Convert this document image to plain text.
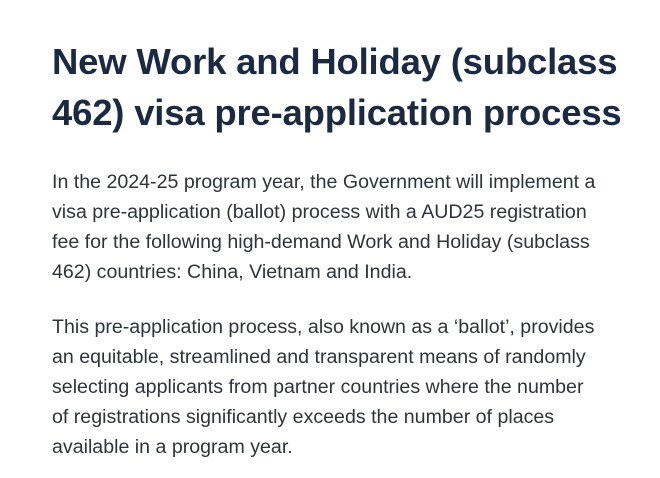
New Work and Holiday (subclass
462) visa pre-application process

In the 2024-25 program year, the Government will implement a
visa pre-application (ballot) process with a AUD25 registration
fee for the following high-demand Work and Holiday (subclass
462) countries: China, Vietnam and India.

This pre-application process, also known as a ‘ballot’, provides
an equitable, streamlined and transparent means of randomly
selecting applicants from partner countries where the number
of registrations significantly exceeds the number of places
available in a program year.
